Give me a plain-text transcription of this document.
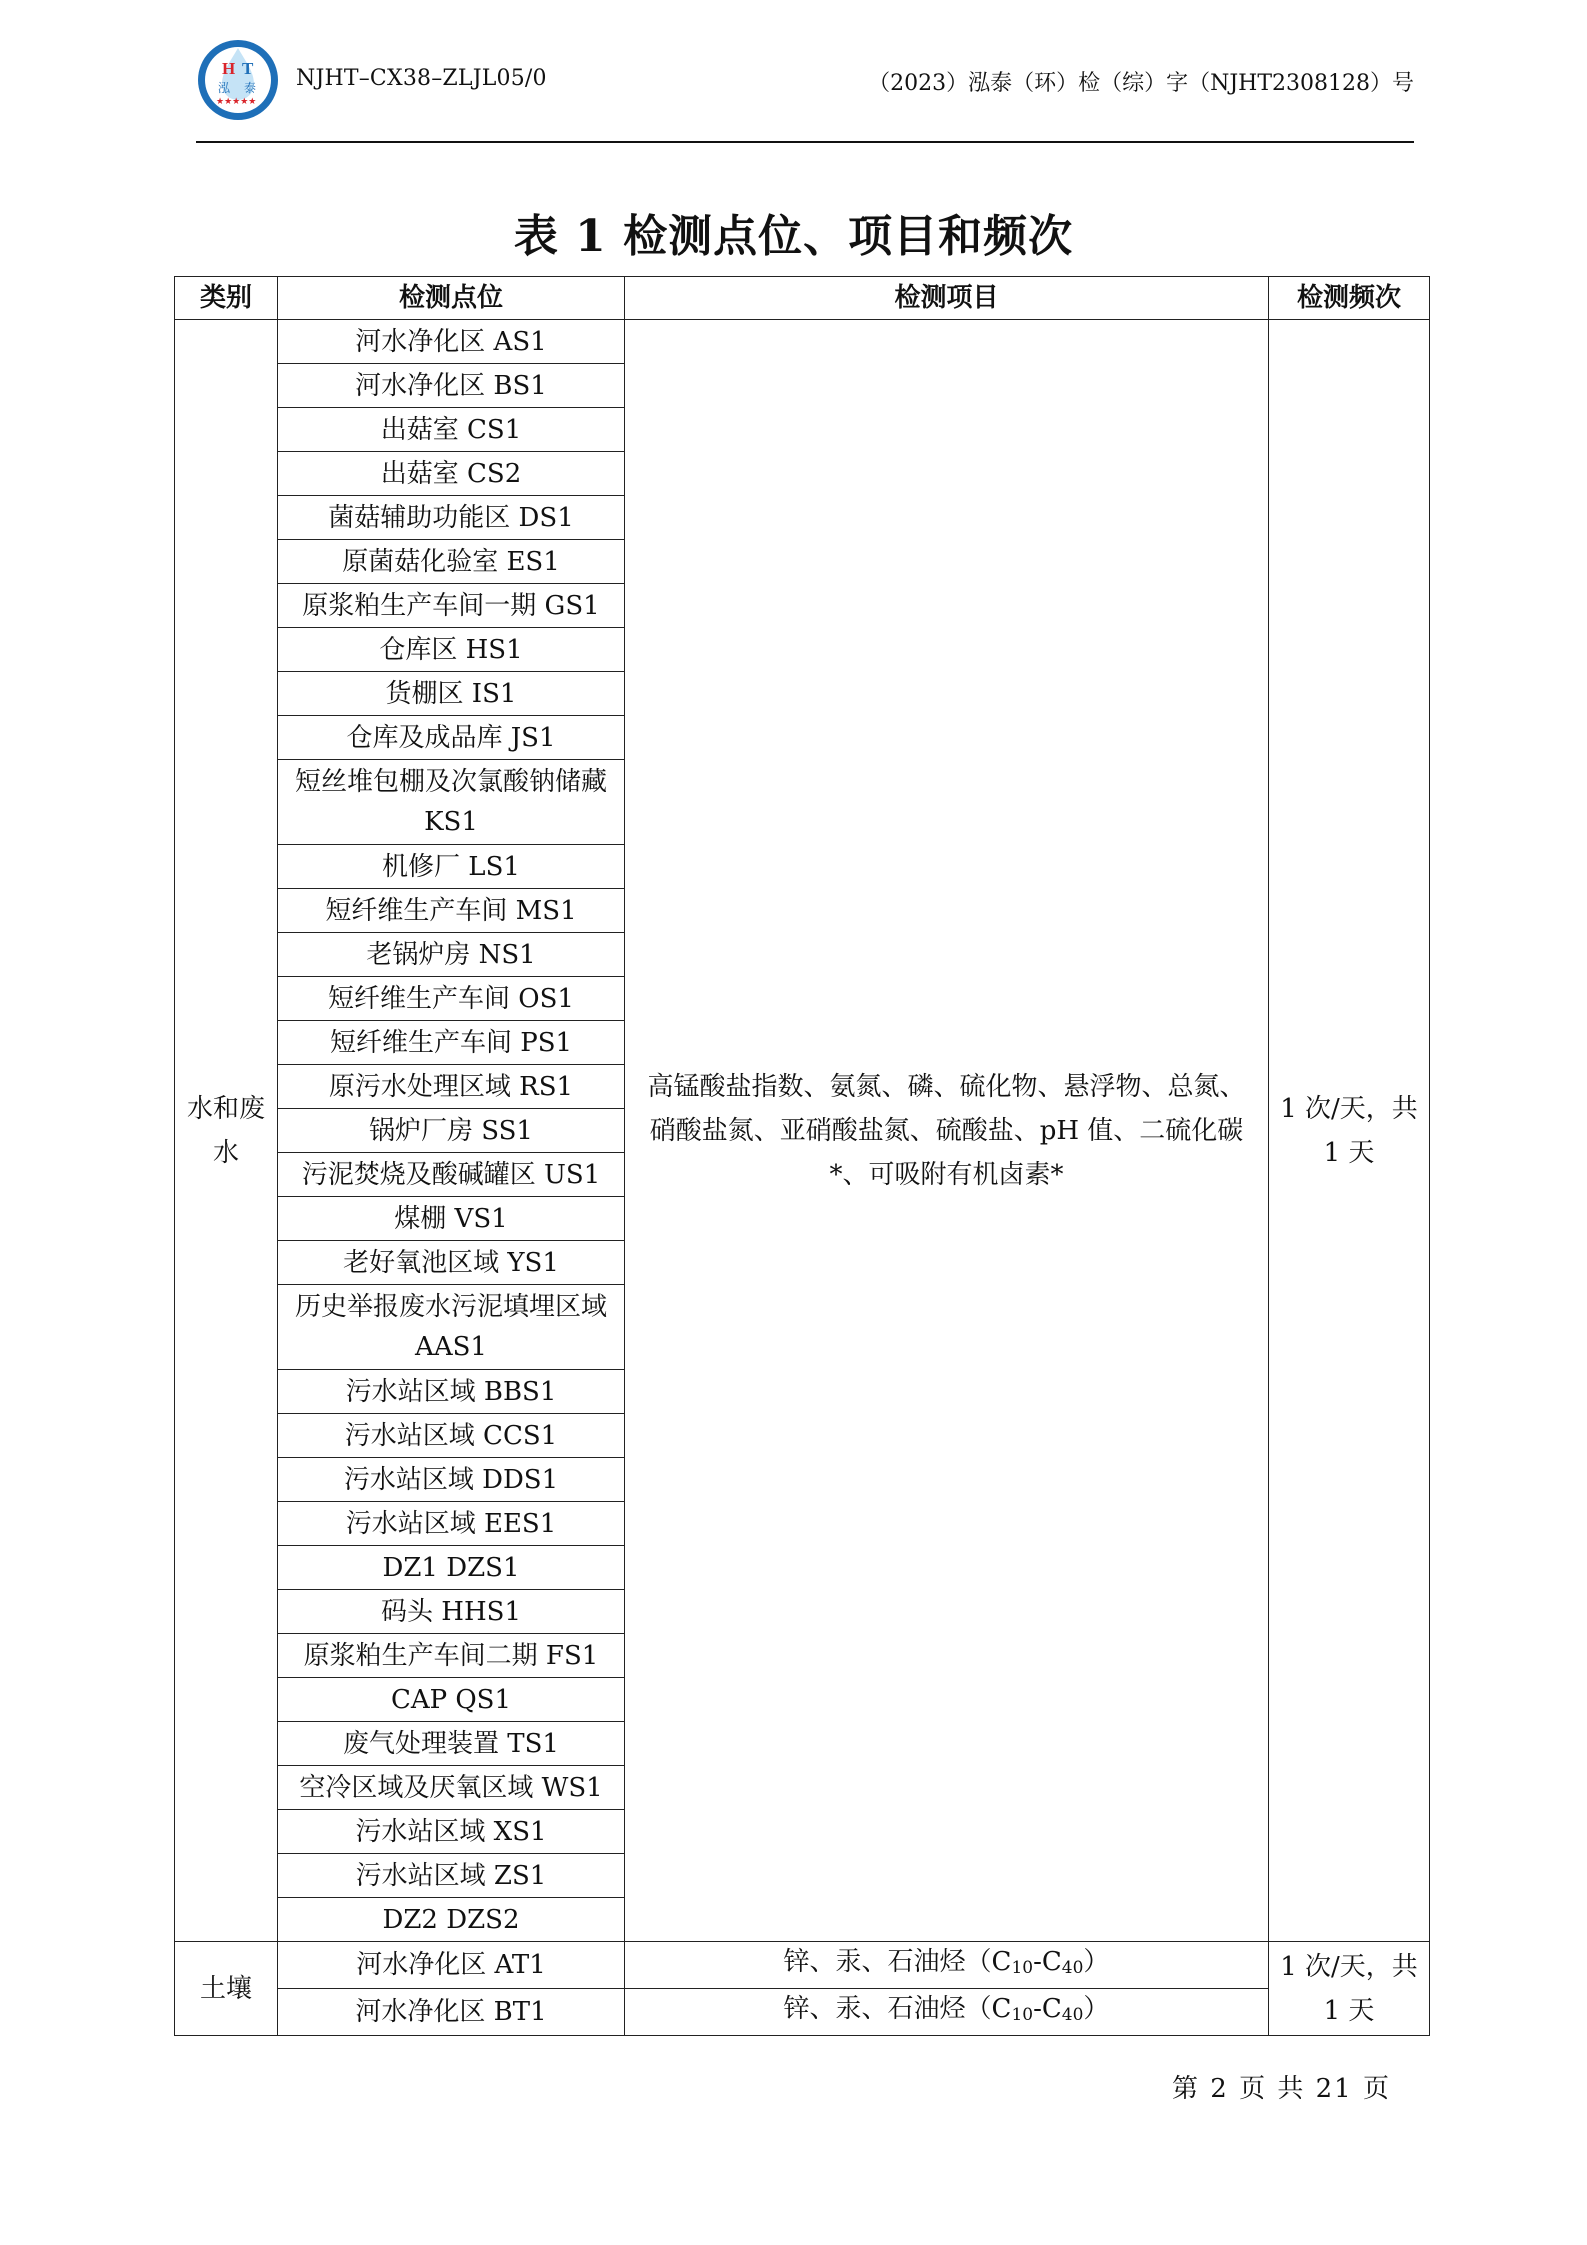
H T
泓 泰
★★★★★
NJHT–CX38–ZLJL05/0	（2023）泓泰（环）检（综）字（NJHT2308128）号
表 1 检测点位、项目和频次
类别	检测点位	检测项目	检测频次
水和废水	河水净化区 AS1	高锰酸盐指数、氨氮、磷、硫化物、悬浮物、总氮、硝酸盐氮、亚硝酸盐氮、硫酸盐、pH 值、二硫化碳*、可吸附有机卤素*	1 次/天，共 1 天
	河水净化区 BS1		
	出菇室 CS1		
	出菇室 CS2		
	菌菇辅助功能区 DS1		
	原菌菇化验室 ES1		
	原浆粕生产车间一期 GS1		
	仓库区 HS1		
	货棚区 IS1		
	仓库及成品库 JS1		
	短丝堆包棚及次氯酸钠储藏 KS1		
	机修厂 LS1		
	短纤维生产车间 MS1		
	老锅炉房 NS1		
	短纤维生产车间 OS1		
	短纤维生产车间 PS1		
	原污水处理区域 RS1		
	锅炉厂房 SS1		
	污泥焚烧及酸碱罐区 US1		
	煤棚 VS1		
	老好氧池区域 YS1		
	历史举报废水污泥填埋区域 AAS1		
	污水站区域 BBS1		
	污水站区域 CCS1		
	污水站区域 DDS1		
	污水站区域 EES1		
	DZ1 DZS1		
	码头 HHS1		
	原浆粕生产车间二期 FS1		
	CAP QS1		
	废气处理装置 TS1		
	空冷区域及厌氧区域 WS1		
	污水站区域 XS1		
	污水站区域 ZS1		
	DZ2 DZS2		
土壤	河水净化区 AT1	锌、汞、石油烃（C10-C40）	1 次/天，共 1 天
	河水净化区 BT1	锌、汞、石油烃（C10-C40）	
第 2 页 共 21 页
